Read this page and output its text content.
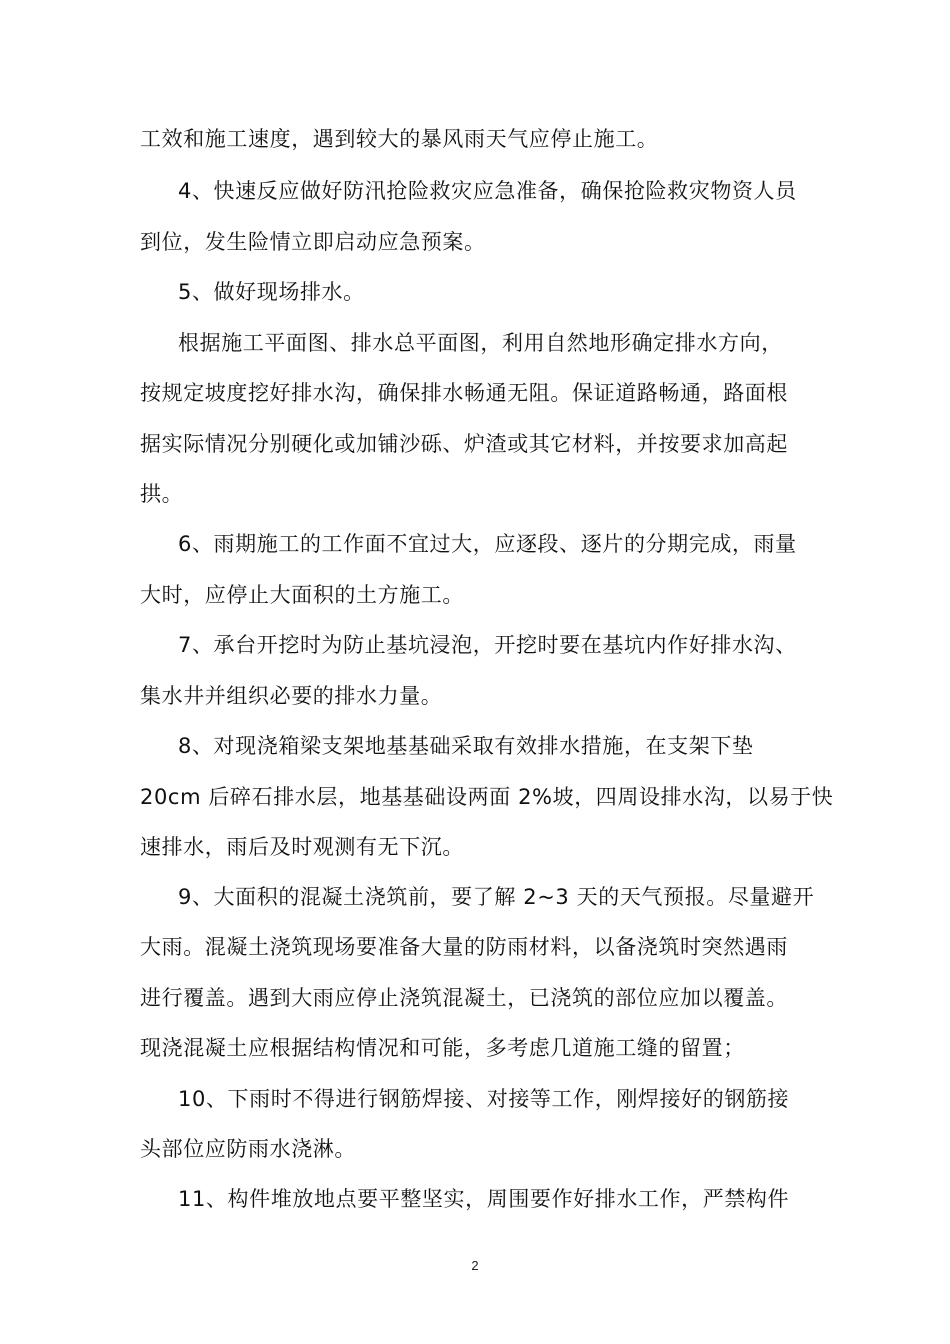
工效和施工速度，遇到较大的暴风雨天气应停止施工。
4、快速反应做好防汛抢险救灾应急准备，确保抢险救灾物资人员
到位，发生险情立即启动应急预案。
5、做好现场排水。
根据施工平面图、排水总平面图，利用自然地形确定排水方向，
按规定坡度挖好排水沟，确保排水畅通无阻。保证道路畅通，路面根
据实际情况分别硬化或加铺沙砾、炉渣或其它材料，并按要求加高起
拱。
6、雨期施工的工作面不宜过大，应逐段、逐片的分期完成，雨量
大时，应停止大面积的土方施工。
7、承台开挖时为防止基坑浸泡，开挖时要在基坑内作好排水沟、
集水井并组织必要的排水力量。
8、对现浇箱梁支架地基基础采取有效排水措施，在支架下垫
20cm 后碎石排水层，地基基础设两面 2%坡，四周设排水沟，以易于快
速排水，雨后及时观测有无下沉。
9、大面积的混凝土浇筑前，要了解 2~3 天的天气预报。尽量避开
大雨。混凝土浇筑现场要准备大量的防雨材料，以备浇筑时突然遇雨
进行覆盖。遇到大雨应停止浇筑混凝土，已浇筑的部位应加以覆盖。
现浇混凝土应根据结构情况和可能，多考虑几道施工缝的留置；
10、下雨时不得进行钢筋焊接、对接等工作，刚焊接好的钢筋接
头部位应防雨水浇淋。
11、构件堆放地点要平整坚实，周围要作好排水工作，严禁构件
2
